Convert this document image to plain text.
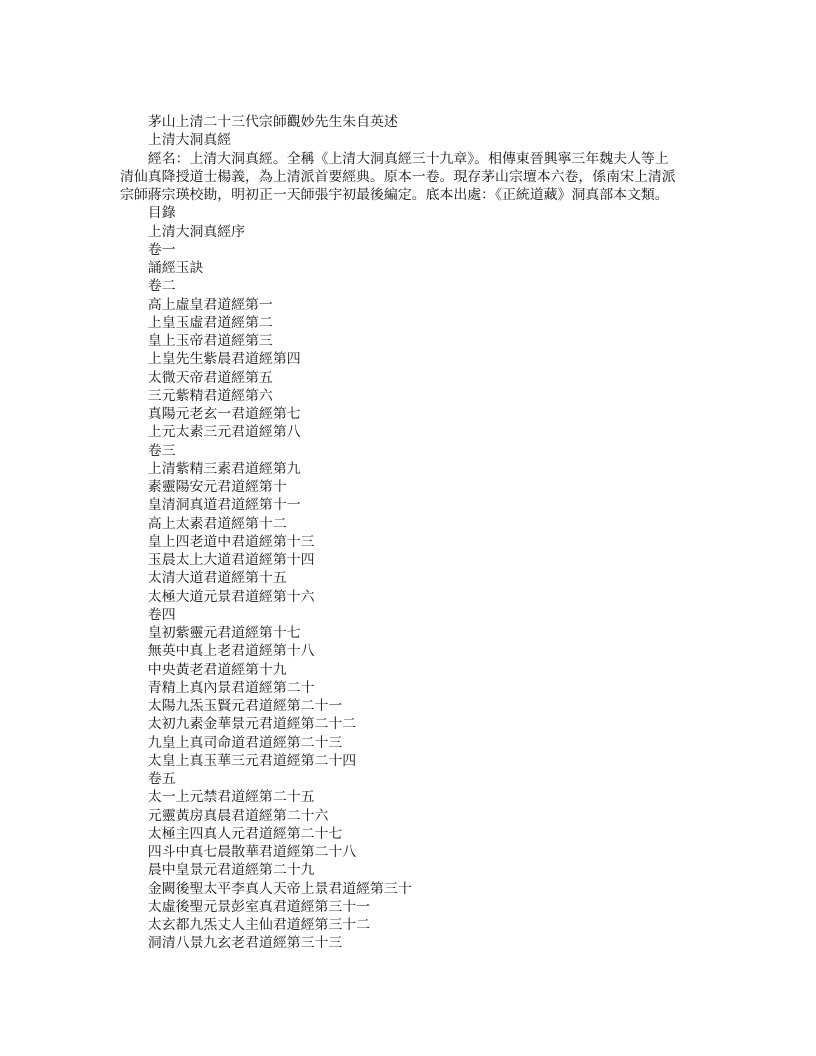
茅山上清二十三代宗師觀妙先生朱自英述

上清大洞真經

經名：上清大洞真經。全稱《上清大洞真經三十九章》。相傳東晉興寧三年魏夫人等上清仙真降授道士楊義，為上清派首要經典。原本一卷。現存茅山宗壇本六卷，係南宋上清派宗師蔣宗瑛校勘，明初正一天師張宇初最後編定。底本出處：《正統道藏》洞真部本文類。

目錄

上清大洞真經序

卷一

誦經玉訣

卷二

高上虛皇君道經第一

上皇玉虛君道經第二

皇上玉帝君道經第三

上皇先生紫晨君道經第四

太微天帝君道經第五

三元紫精君道經第六

真陽元老玄一君道經第七

上元太素三元君道經第八

卷三

上清紫精三素君道經第九

素靈陽安元君道經第十

皇清洞真道君道經第十一

高上太素君道經第十二

皇上四老道中君道經第十三

玉晨太上大道君道經第十四

太清大道君道經第十五

太極大道元景君道經第十六

卷四

皇初紫靈元君道經第十七

無英中真上老君道經第十八

中央黃老君道經第十九

青精上真內景君道經第二十

太陽九炁玉賢元君道經第二十一

太初九素金華景元君道經第二十二

九皇上真司命道君道經第二十三

太皇上真玉華三元君道經第二十四

卷五

太一上元禁君道經第二十五

元靈黃房真晨君道經第二十六

太極主四真人元君道經第二十七

四斗中真七晨散華君道經第二十八

晨中皇景元君道經第二十九

金闕後聖太平李真人天帝上景君道經第三十

太虛後聖元景彭室真君道經第三十一

太玄都九炁丈人主仙君道經第三十二

洞清八景九玄老君道經第三十三
